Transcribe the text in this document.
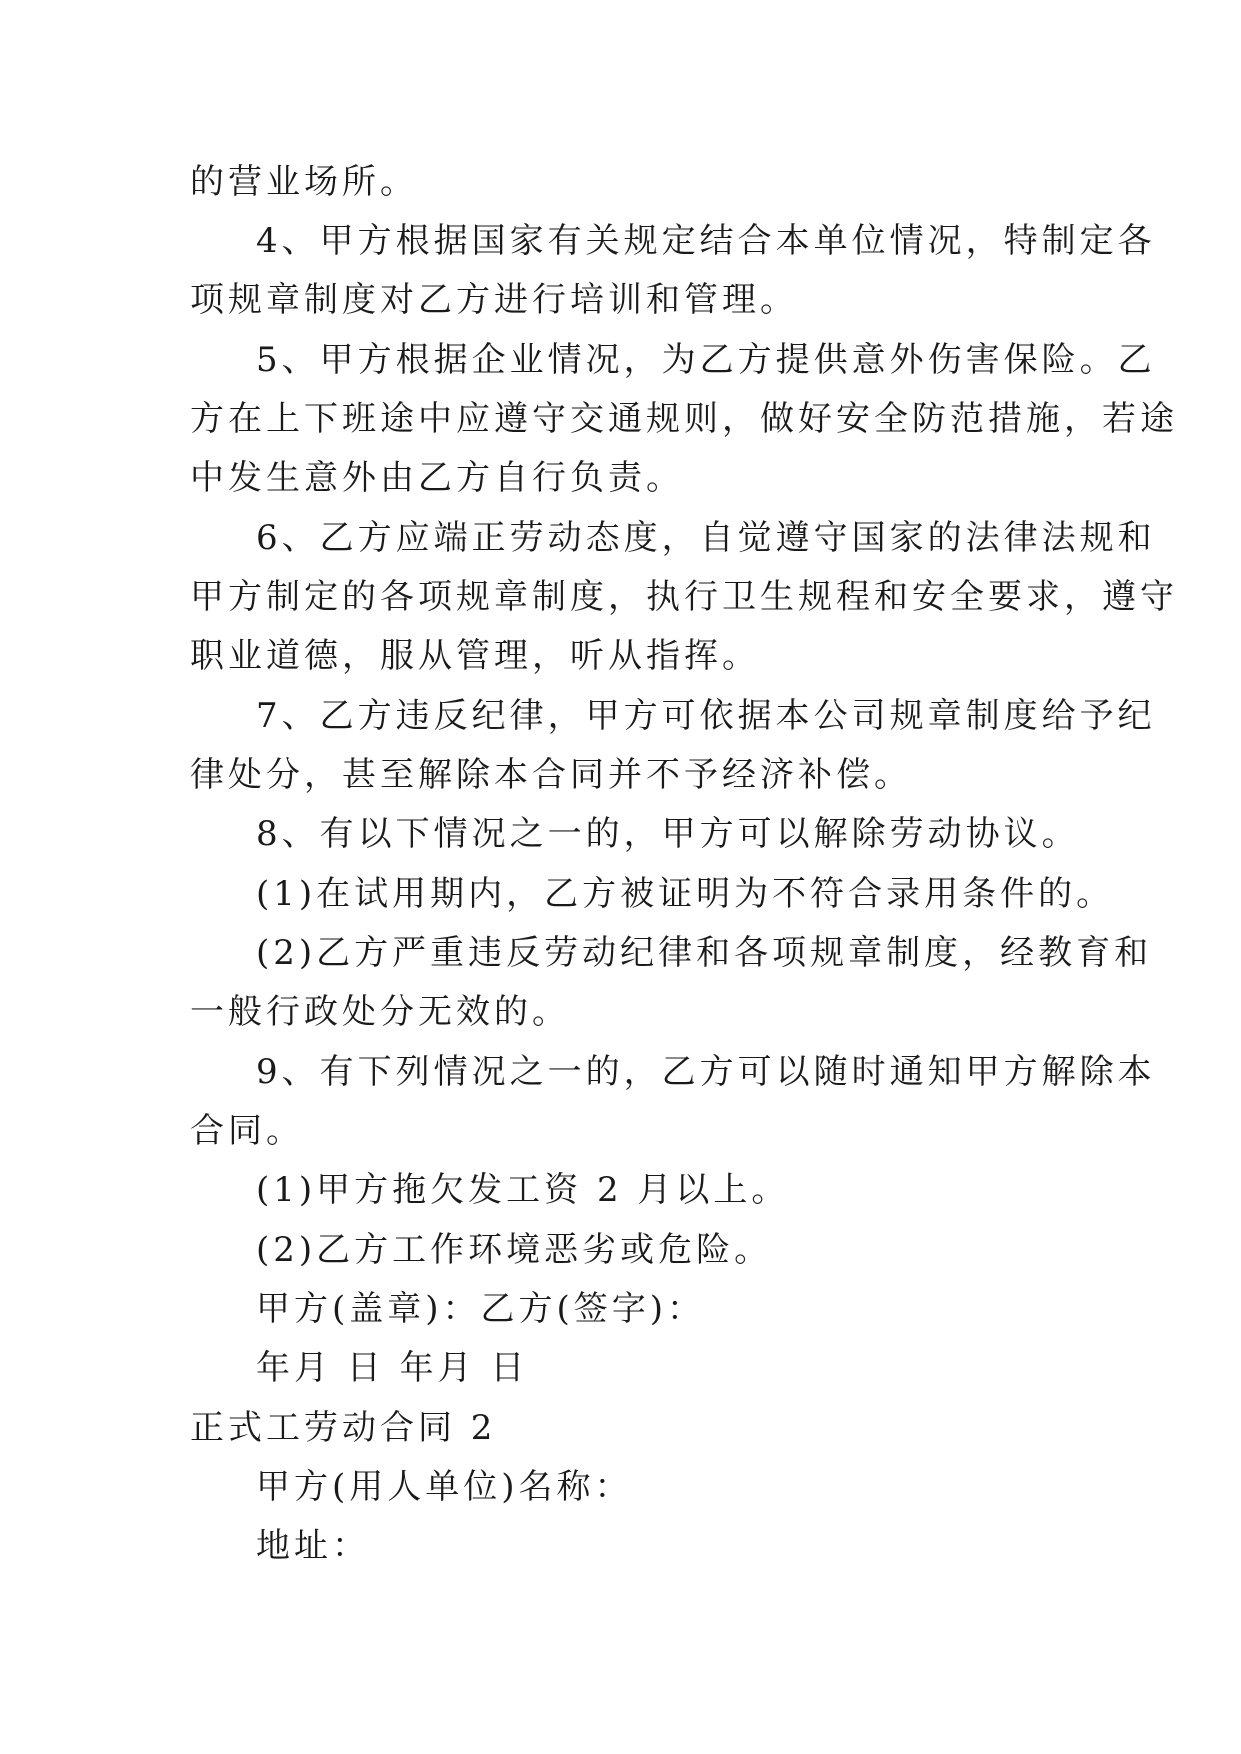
的营业场所。

4、甲方根据国家有关规定结合本单位情况，特制定各

项规章制度对乙方进行培训和管理。

5、甲方根据企业情况，为乙方提供意外伤害保险。乙

方在上下班途中应遵守交通规则，做好安全防范措施，若途

中发生意外由乙方自行负责。

6、乙方应端正劳动态度，自觉遵守国家的法律法规和

甲方制定的各项规章制度，执行卫生规程和安全要求，遵守

职业道德，服从管理，听从指挥。

7、乙方违反纪律，甲方可依据本公司规章制度给予纪

律处分，甚至解除本合同并不予经济补偿。

8、有以下情况之一的，甲方可以解除劳动协议。

(1)在试用期内，乙方被证明为不符合录用条件的。

(2)乙方严重违反劳动纪律和各项规章制度，经教育和

一般行政处分无效的。

9、有下列情况之一的，乙方可以随时通知甲方解除本

合同。

(1)甲方拖欠发工资 2 月以上。

(2)乙方工作环境恶劣或危险。

甲方(盖章)：乙方(签字)：

年月 日 年月 日

正式工劳动合同 2

甲方(用人单位)名称：

地址：
